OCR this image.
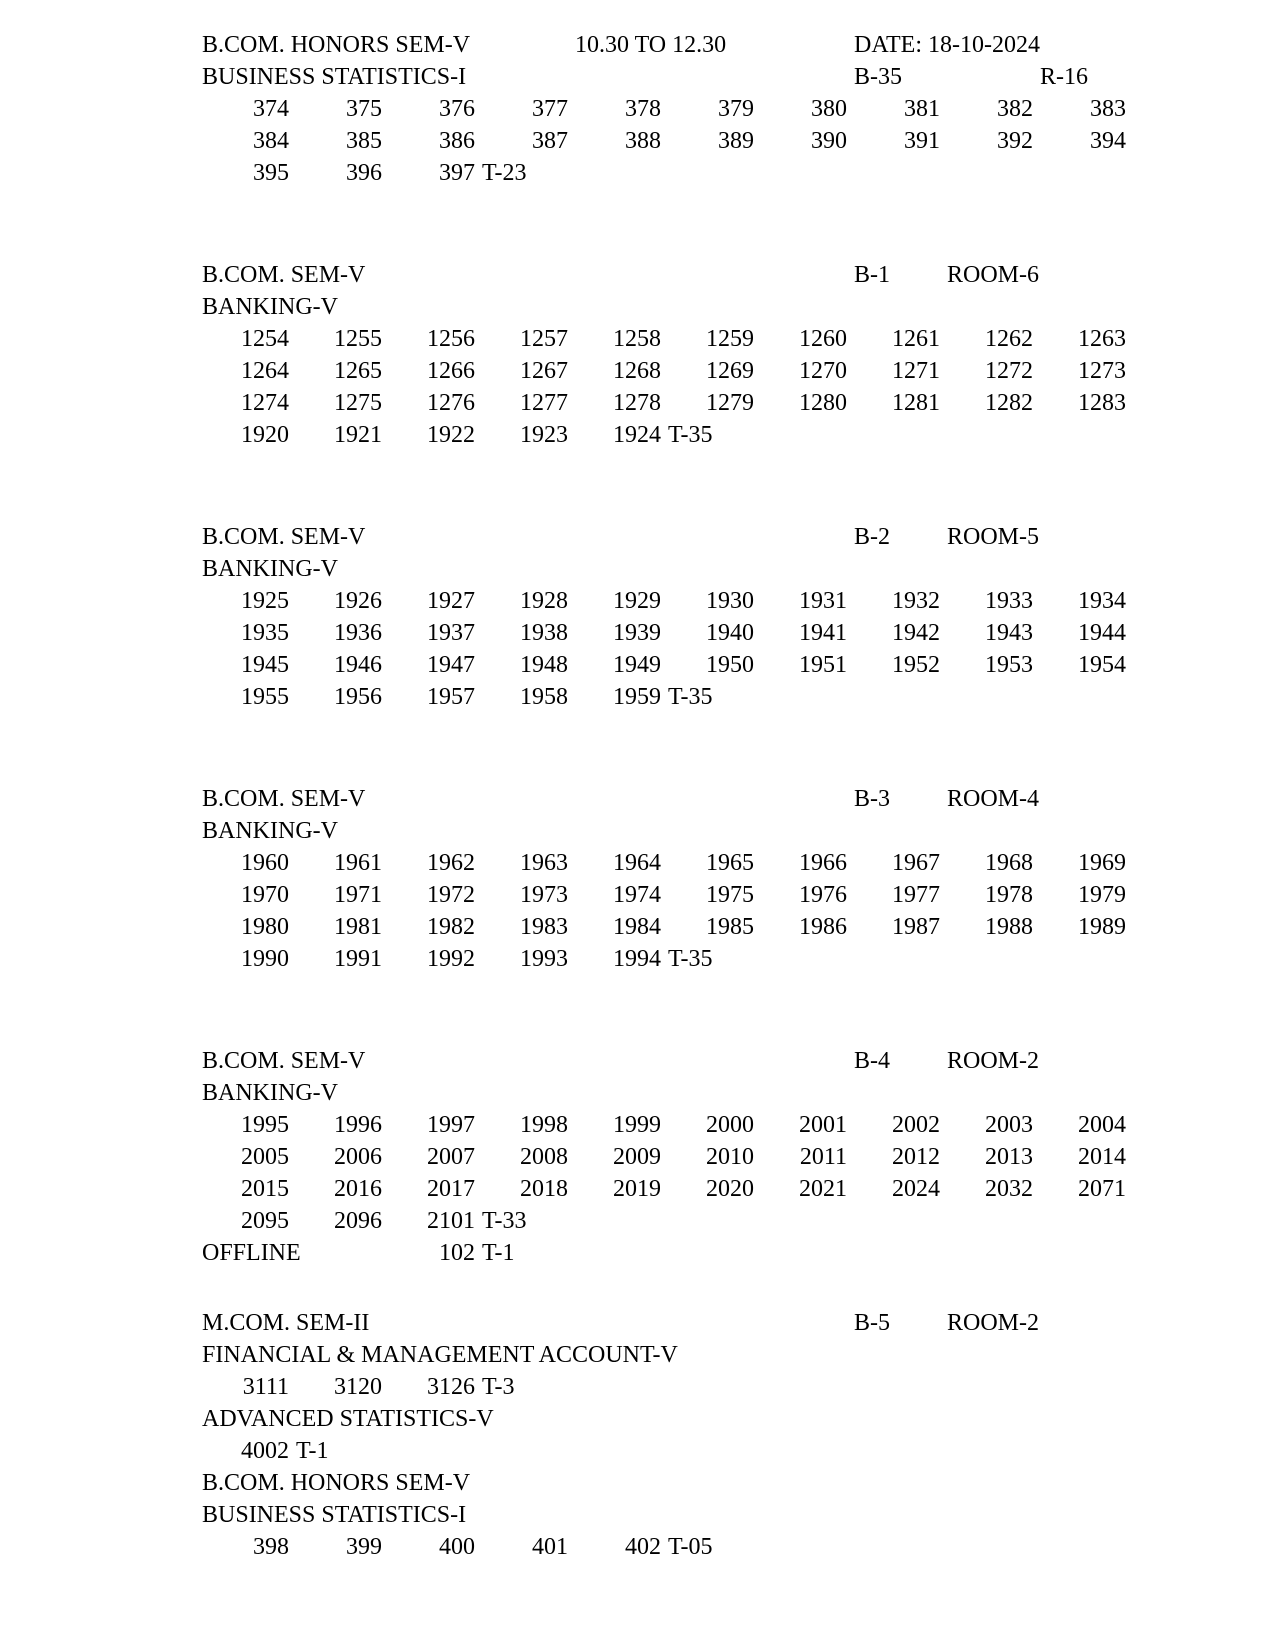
B.COM. HONORS SEM-V	10.30 TO 12.30	DATE: 18-10-2024
BUSINESS STATISTICS-I	B-35	R-16
374	375	376	377	378	379	380	381	382	383
384	385	386	387	388	389	390	391	392	394
395	396	397 T-23
B.COM. SEM-V	B-1 ROOM-6
BANKING-V
1254	1255	1256	1257	1258	1259	1260	1261	1262	1263
1264	1265	1266	1267	1268	1269	1270	1271	1272	1273
1274	1275	1276	1277	1278	1279	1280	1281	1282	1283
1920	1921	1922	1923	1924 T-35
B.COM. SEM-V	B-2 ROOM-5
BANKING-V
1925	1926	1927	1928	1929	1930	1931	1932	1933	1934
1935	1936	1937	1938	1939	1940	1941	1942	1943	1944
1945	1946	1947	1948	1949	1950	1951	1952	1953	1954
1955	1956	1957	1958	1959 T-35
B.COM. SEM-V	B-3 ROOM-4
BANKING-V
1960	1961	1962	1963	1964	1965	1966	1967	1968	1969
1970	1971	1972	1973	1974	1975	1976	1977	1978	1979
1980	1981	1982	1983	1984	1985	1986	1987	1988	1989
1990	1991	1992	1993	1994 T-35
B.COM. SEM-V	B-4 ROOM-2
BANKING-V
1995	1996	1997	1998	1999	2000	2001	2002	2003	2004
2005	2006	2007	2008	2009	2010	2011	2012	2013	2014
2015	2016	2017	2018	2019	2020	2021	2024	2032	2071
2095	2096	2101 T-33
OFFLINE	102 T-1
M.COM. SEM-II	B-5 ROOM-2
FINANCIAL & MANAGEMENT ACCOUNT-V
3111	3120	3126 T-3
ADVANCED STATISTICS-V
4002 T-1
B.COM. HONORS SEM-V
BUSINESS STATISTICS-I
398	399	400	401	402 T-05
